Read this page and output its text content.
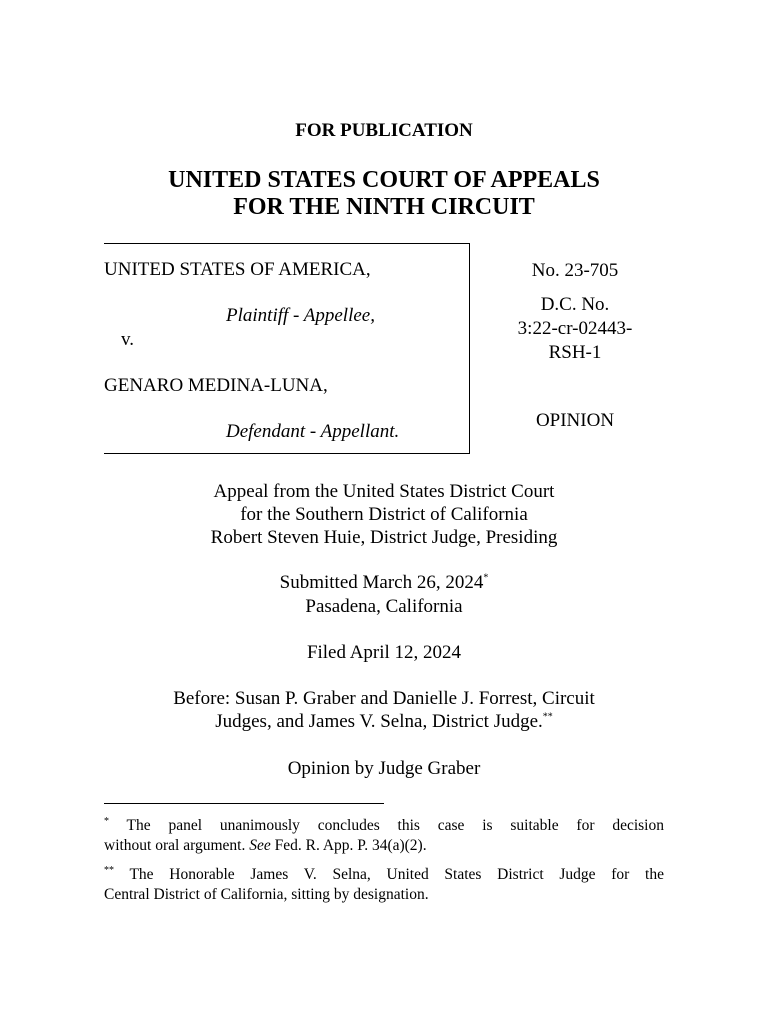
FOR PUBLICATION
UNITED STATES COURT OF APPEALS
FOR THE NINTH CIRCUIT
UNITED STATES OF AMERICA,
Plaintiff - Appellee,
v.
GENARO MEDINA-LUNA,
Defendant - Appellant.
No. 23-705
D.C. No.
3:22-cr-02443-
RSH-1
OPINION
Appeal from the United States District Court
for the Southern District of California
Robert Steven Huie, District Judge, Presiding
Submitted March 26, 2024*
Pasadena, California
Filed April 12, 2024
Before: Susan P. Graber and Danielle J. Forrest, Circuit
Judges, and James V. Selna, District Judge.**
Opinion by Judge Graber
* The panel unanimously concludes this case is suitable for decision
without oral argument. See Fed. R. App. P. 34(a)(2).
** The Honorable James V. Selna, United States District Judge for the
Central District of California, sitting by designation.
